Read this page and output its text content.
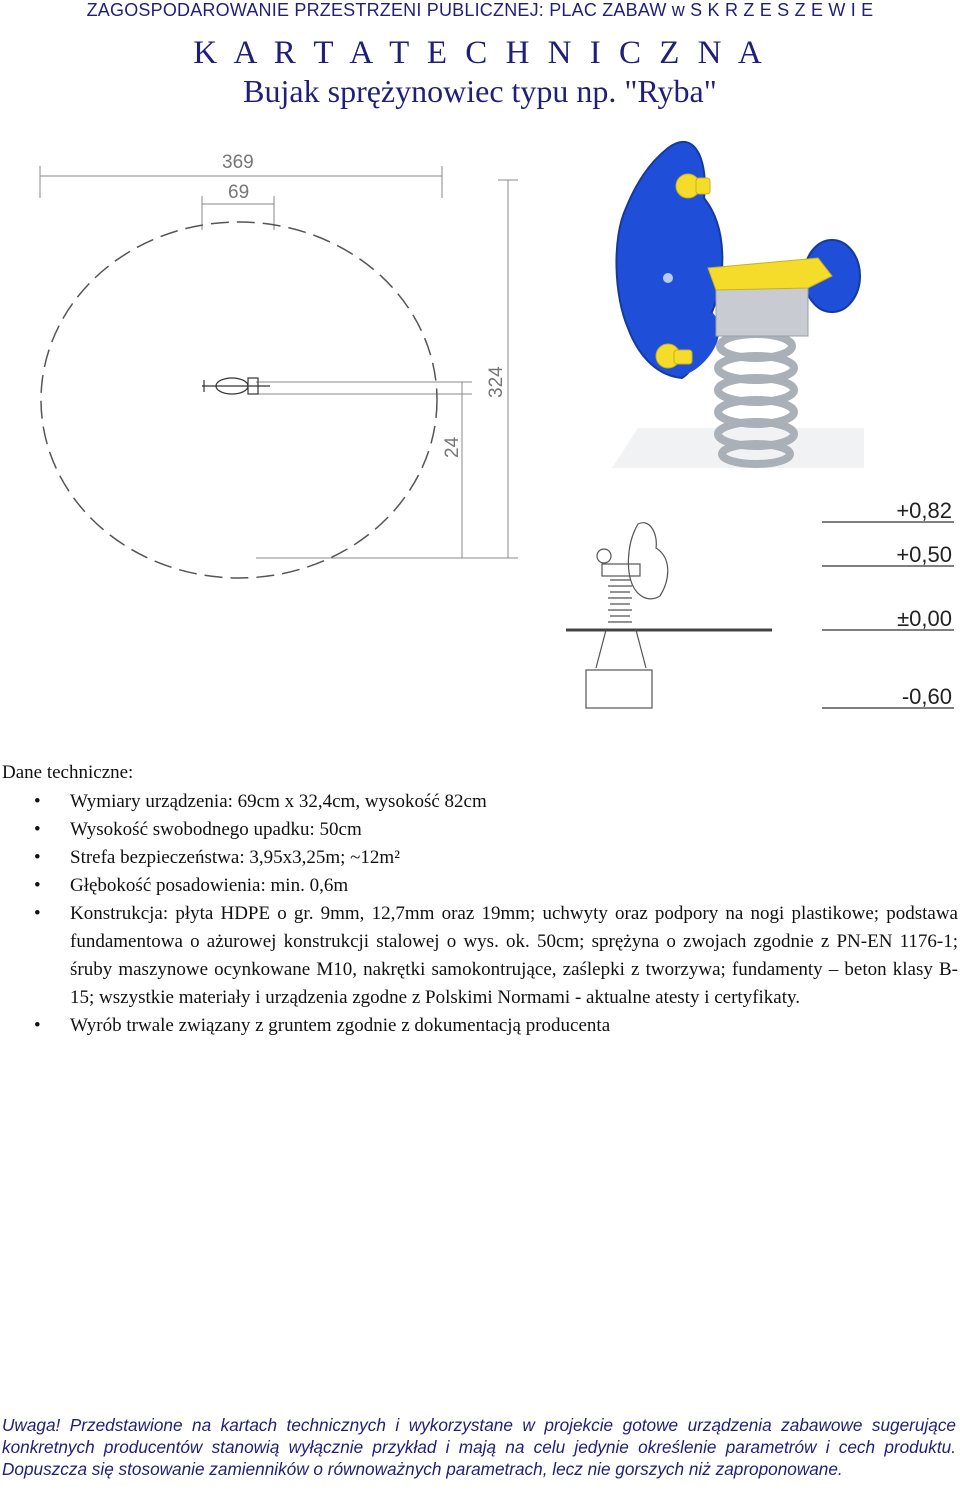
ZAGOSPODAROWANIE PRZESTRZENI PUBLICZNEJ: PLAC ZABAW w S K R Z E S Z E W I E
K A R T A T E C H N I C Z N A
Bujak sprężynowiec typu np. "Ryba"
369
69
324
24
+0,82
+0,50
±0,00
-0,60
Dane techniczne:
• Wymiary urządzenia: 69cm x 32,4cm, wysokość 82cm
• Wysokość swobodnego upadku: 50cm
• Strefa bezpieczeństwa: 3,95x3,25m; ~12m²
• Głębokość posadowienia: min. 0,6m
• Konstrukcja: płyta HDPE o gr. 9mm, 12,7mm oraz 19mm; uchwyty oraz podpory na nogi plastikowe; podstawa fundamentowa o ażurowej konstrukcji stalowej o wys. ok. 50cm; sprężyna o zwojach zgodnie z PN-EN 1176-1; śruby maszynowe ocynkowane M10, nakrętki samokontrujące, zaślepki z tworzywa; fundamenty – beton klasy B-15; wszystkie materiały i urządzenia zgodne z Polskimi Normami - aktualne atesty i certyfikaty.
• Wyrób trwale związany z gruntem zgodnie z dokumentacją producenta
Uwaga! Przedstawione na kartach technicznych i wykorzystane w projekcie gotowe urządzenia zabawowe sugerujące konkretnych producentów stanowią wyłącznie przykład i mają na celu jedynie określenie parametrów i cech produktu. Dopuszcza się stosowanie zamienników o równoważnych parametrach, lecz nie gorszych niż zaproponowane.
